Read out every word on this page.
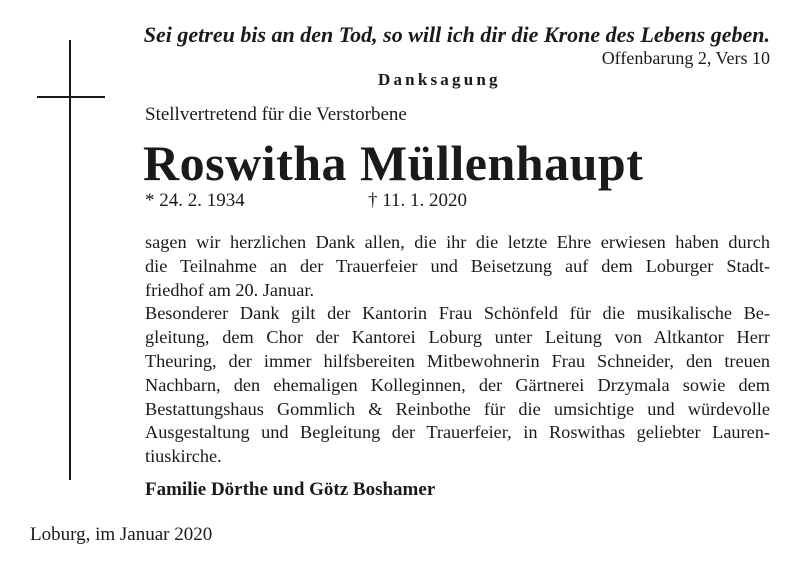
Sei getreu bis an den Tod, so will ich dir die Krone des Lebens geben.
Offenbarung 2, Vers 10
Danksagung
Stellvertretend für die Verstorbene
Roswitha Müllenhaupt
* 24. 2. 1934	† 11. 1. 2020
sagen wir herzlichen Dank allen, die ihr die letzte Ehre erwiesen haben durch
die Teilnahme an der Trauerfeier und Beisetzung auf dem Loburger Stadt-
friedhof am 20. Januar.
Besonderer Dank gilt der Kantorin Frau Schönfeld für die musikalische Be-
gleitung, dem Chor der Kantorei Loburg unter Leitung von Altkantor Herr
Theuring, der immer hilfsbereiten Mitbewohnerin Frau Schneider, den treuen
Nachbarn, den ehemaligen Kolleginnen, der Gärtnerei Drzymala sowie dem
Bestattungshaus Gommlich & Reinbothe für die umsichtige und würdevolle
Ausgestaltung und Begleitung der Trauerfeier, in Roswithas geliebter Lauren-
tiuskirche.
Familie Dörthe und Götz Boshamer
Loburg, im Januar 2020
